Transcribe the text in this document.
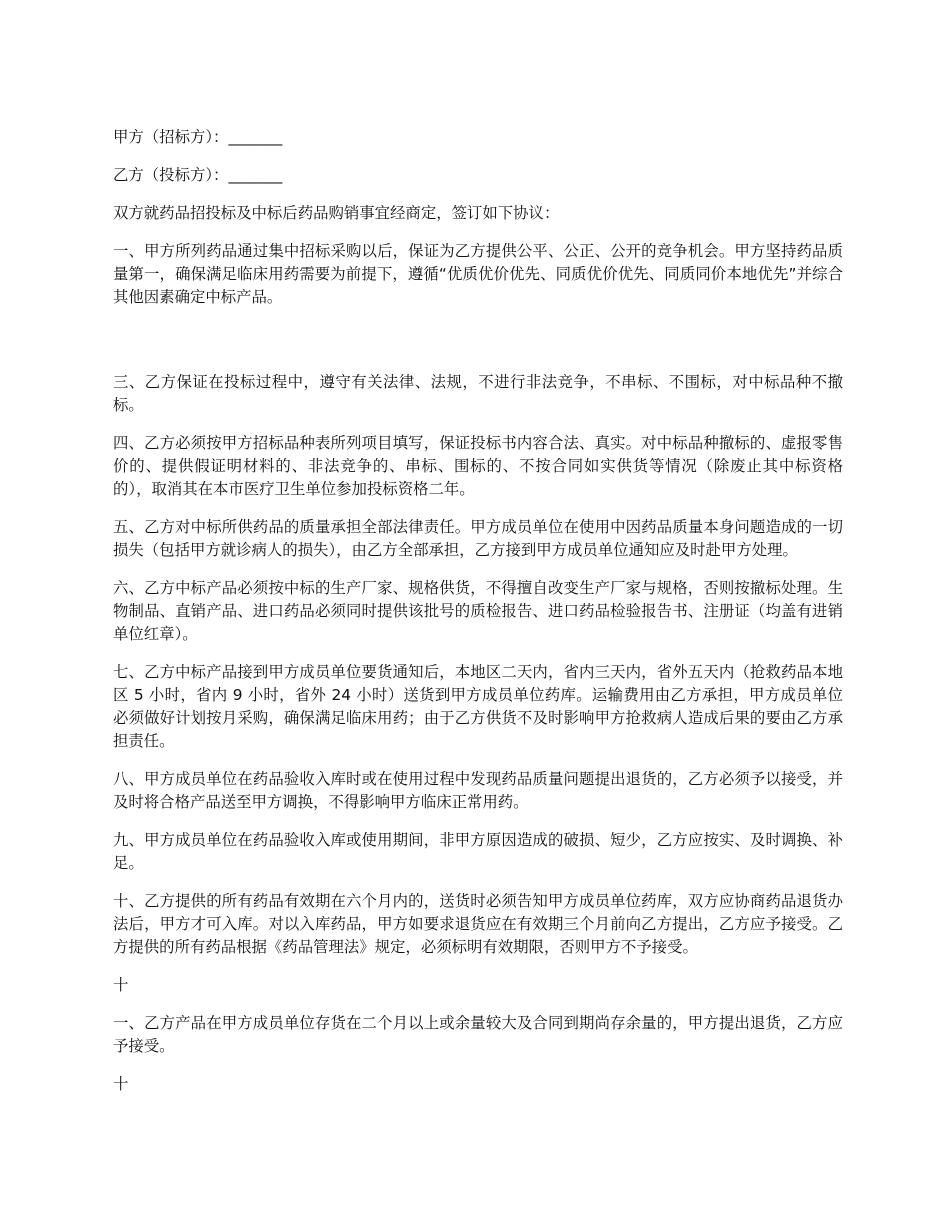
甲方（招标方）：_______

乙方（投标方）：_______

双方就药品招投标及中标后药品购销事宜经商定，签订如下协议：

一、甲方所列药品通过集中招标采购以后，保证为乙方提供公平、公正、公开的竞争机会。甲方坚持药品质量第一，确保满足临床用药需要为前提下，遵循“优质优价优先、同质优价优先、同质同价本地优先”并综合其他因素确定中标产品。

三、乙方保证在投标过程中，遵守有关法律、法规，不进行非法竞争，不串标、不围标，对中标品种不撤标。

四、乙方必须按甲方招标品种表所列项目填写，保证投标书内容合法、真实。对中标品种撤标的、虚报零售价的、提供假证明材料的、非法竞争的、串标、围标的、不按合同如实供货等情况（除废止其中标资格的），取消其在本市医疗卫生单位参加投标资格二年。

五、乙方对中标所供药品的质量承担全部法律责任。甲方成员单位在使用中因药品质量本身问题造成的一切损失（包括甲方就诊病人的损失），由乙方全部承担，乙方接到甲方成员单位通知应及时赴甲方处理。

六、乙方中标产品必须按中标的生产厂家、规格供货，不得擅自改变生产厂家与规格，否则按撤标处理。生物制品、直销产品、进口药品必须同时提供该批号的质检报告、进口药品检验报告书、注册证（均盖有进销单位红章）。

七、乙方中标产品接到甲方成员单位要货通知后，本地区二天内，省内三天内，省外五天内（抢救药品本地区 5 小时，省内 9 小时，省外 24 小时）送货到甲方成员单位药库。运输费用由乙方承担，甲方成员单位必须做好计划按月采购，确保满足临床用药；由于乙方供货不及时影响甲方抢救病人造成后果的要由乙方承担责任。

八、甲方成员单位在药品验收入库时或在使用过程中发现药品质量问题提出退货的，乙方必须予以接受，并及时将合格产品送至甲方调换，不得影响甲方临床正常用药。

九、甲方成员单位在药品验收入库或使用期间，非甲方原因造成的破损、短少，乙方应按实、及时调换、补足。

十、乙方提供的所有药品有效期在六个月内的，送货时必须告知甲方成员单位药库，双方应协商药品退货办法后，甲方才可入库。对以入库药品，甲方如要求退货应在有效期三个月前向乙方提出，乙方应予接受。乙方提供的所有药品根据《药品管理法》规定，必须标明有效期限，否则甲方不予接受。

十

一、乙方产品在甲方成员单位存货在二个月以上或余量较大及合同到期尚存余量的，甲方提出退货，乙方应予接受。

十
